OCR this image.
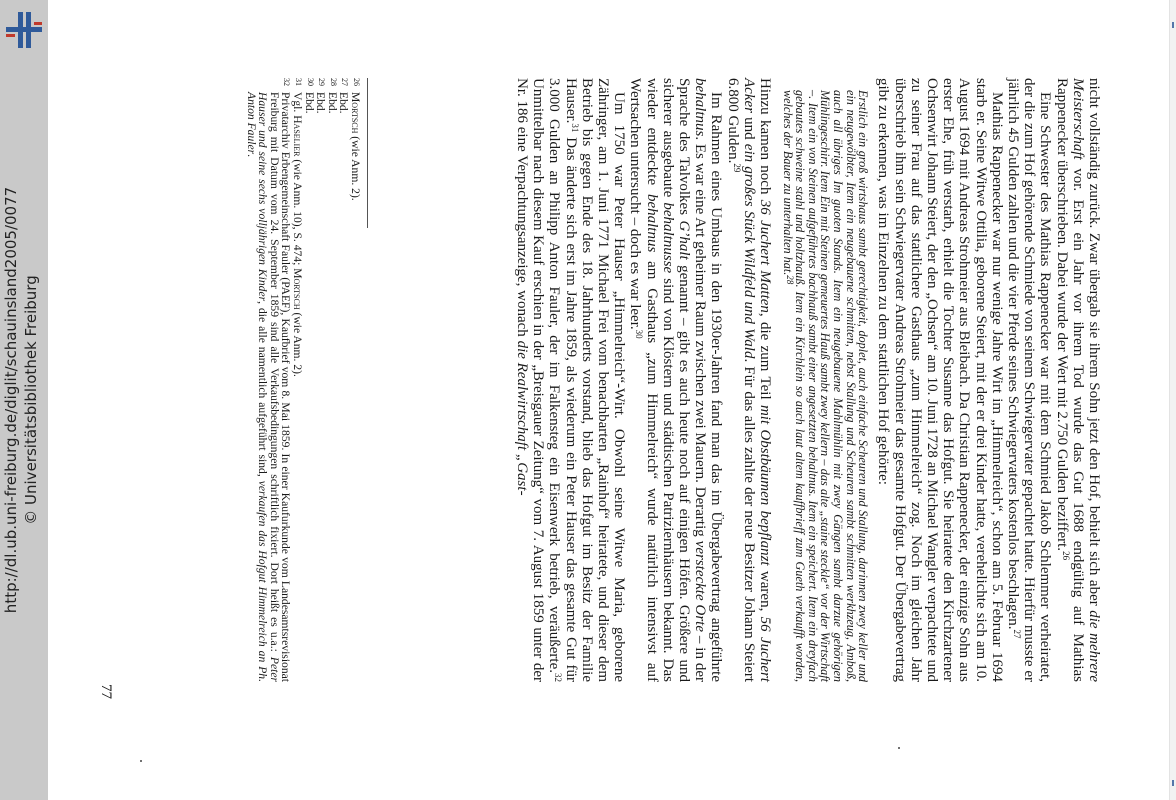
http://dl.ub.uni-freiburg.de/diglit/schauinsland2005/0077 © Universitätsbibliothek Freiburg	nicht vollständig zurück. Zwar übergab sie ihrem Sohn jetzt den Hof, behielt sich aber die mehrere Meisterschaft vor. Erst ein Jahr vor ihrem Tod wurde das Gut 1688 endgültig auf Mathias Rappenecker überschrieben. Dabei wurde der Wert mit 2.750 Gulden beziffert.$^{26}$

Eine Schwester des Mathias Rappenecker war mit dem Schmied Jakob Schlemmer verheiratet, der die zum Hof gehörende Schmiede von seinem Schwiegervater gepachtet hatte. Hierfür musste er jährlich 45 Gulden zahlen und die vier Pferde seines Schwiegervaters kostenlos beschlagen.$^{27}$

Mathias Rappenecker war nur wenige Jahre Wirt im „Himmelreich“, schon am 5. Februar 1694 starb er. Seine Witwe Ottilia, geborene Steiert, mit der er drei Kinder hatte, verehelichte sich am 10. August 1694 mit Andreas Strohmeier aus Bleibach. Da Christian Rappenecker, der einzige Sohn aus erster Ehe, früh verstarb, erhielt die Tochter Susanne das Hofgut. Sie heiratete den Kirchzartener Ochsenwirt Johann Steiert, der den „Ochsen“ am 10. Juni 1728 an Michael Wangler verpachtete und zu seiner Frau auf das stattlichere Gasthaus „zum Himmelreich“ zog. Noch im gleichen Jahr überschrieb ihm sein Schwiegervater Andreas Strohmeier das gesamte Hofgut. Der Übergabevertrag gibt zu erkennen, was im Einzelnen zu dem stattlichen Hof gehörte:

Erstlich ein groß wirtshaus sambt gerechtigkeit, doplet, auch einfache Scheuren und Stallung, darinnen zwey keller und ein neugewölbter, Item ein neugebauene schmitten, nebst Stallung und Scheuren sambt schmitten werkhzeug, Amboß, auch all übriges Im guoten Stands. Item ein neugebauene Mahlmühlin mit zwey Gängen sambt darzue gehörigen Mühlingeschirr. Item Ein mit Steinen gemeuertes Hauß sambt zwey kellern – das alte „staine steckle“ vor der Wirtschaft –. Item ein von Steinen aufgeführtes bachhauß sambt einer angesetzten behaltnus. Item ein speichert. Item ein dreyfach gebautes schweine stahl und holtzhauß. Item ein Kirchlein so auch laut altem kauffbrieff zum Gueth verkaufft worden, welches der Bauer zu unterhalten hat.$^{28}$

Hinzu kamen noch 36 Juchert Matten, die zum Teil mit Obstbäumen bepflanzt waren, 56 Juchert Acker und ein großes Stück Wildfeld und Wald. Für das alles zahlte der neue Besitzer Johann Steiert 6.800 Gulden.$^{29}$

Im Rahmen eines Umbaus in den 1930er-Jahren fand man das im Übergabevertrag angeführte behaltnus. Es war eine Art geheimer Raum zwischen zwei Mauern. Derartig versteckte Orte – in der Sprache des Talvolkes G’halt genannt – gibt es auch heute noch auf einigen Höfen. Größere und sicherer ausgebaute behaltnusse sind von Klöstern und städtischen Patriziernhäusern bekannt. Das wieder entdeckte behaltnus am Gasthaus „zum Himmelreich“ wurde natürlich intensivst auf Wertsachen untersucht – doch es war leer.$^{30}$

Um 1750 war Peter Hauser „Himmelreich“-Wirt. Obwohl seine Witwe Maria, geborene Zähringer, am 1. Juni 1771 Michael Frei vom benachbarten „Rainhof“ heiratete, und dieser dem Betrieb bis gegen Ende des 18. Jahrhunderts vorstand, blieb das Hofgut im Besitz der Familie Hauser.$^{31}$ Das änderte sich erst im Jahre 1859, als wiederum ein Peter Hauser das gesamte Gut für 3.000 Gulden an Philipp Anton Fauler, der im Falkensteg ein Eisenwerk betrieb, veräußerte.$^{32}$ Unmittelbar nach diesem Kauf erschien in der „Breisgauer Zeitung“ vom 7. August 1859 unter der Nr. 186 eine Verpachtungsanzeige, wonach die Realwirtschaft „Gast-

26
Mortsch (wie Anm. 2).
27
Ebd.
28
Ebd.
29
Ebd.
30
Ebd.
31
Vgl. Haselier (wie Anm. 10), S. 474; Mortsch (wie Anm. 2).
32
Privatarchiv Erbengemeinschaft Fauler (PAEF), Kaufbrief vom 8. Mai 1859. In einer Kaufurkunde vom Landesamtsrevisionat Freiburg mit Datum vom 24. September 1859 sind alle Verkaufsbedingungen schriftlich fixiert. Dort heißt es u.a.: Peter Hauser und seine sechs volljährigen Kinder, die alle namentlich aufgeführt sind, verkaufen das Hofgut Himmelreich an Ph. Anton Fauler.
77
